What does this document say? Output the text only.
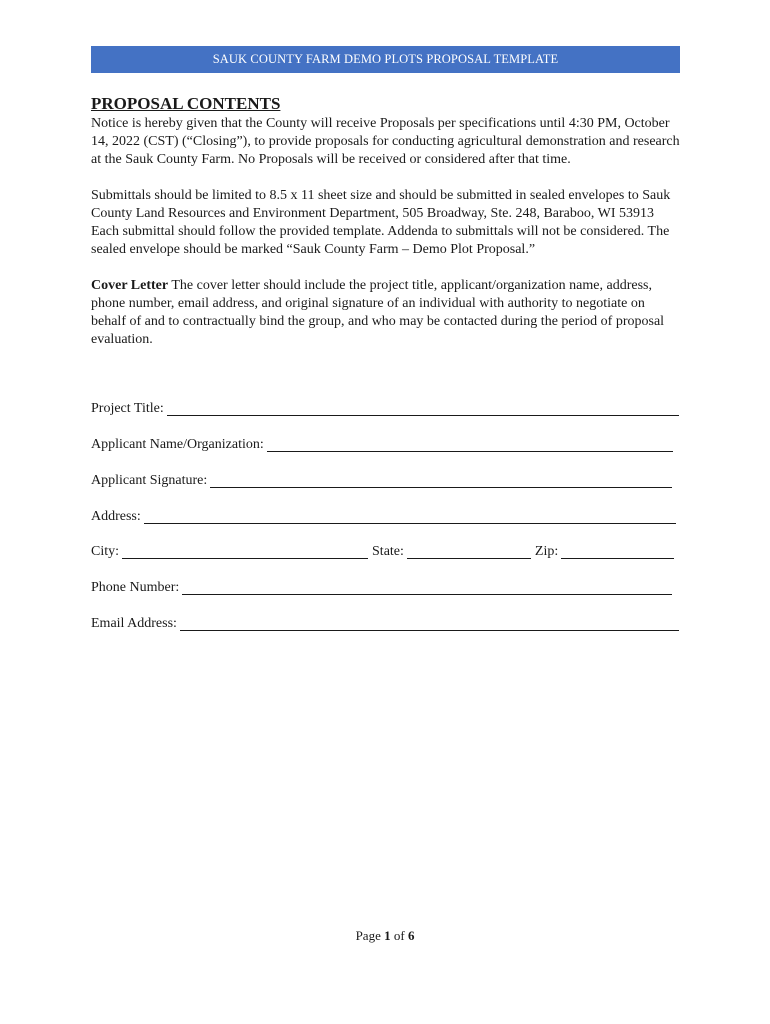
SAUK COUNTY FARM DEMO PLOTS PROPOSAL TEMPLATE
PROPOSAL CONTENTS

Notice is hereby given that the County will receive Proposals per specifications until 4:30 PM, October 14, 2022 (CST) (“Closing”), to provide proposals for conducting agricultural demonstration and research at the Sauk County Farm. No Proposals will be received or considered after that time.

Submittals should be limited to 8.5 x 11 sheet size and should be submitted in sealed envelopes to Sauk County Land Resources and Environment Department, 505 Broadway, Ste. 248, Baraboo, WI 53913 Each submittal should follow the provided template. Addenda to submittals will not be considered. The sealed envelope should be marked “Sauk County Farm – Demo Plot Proposal.”

Cover Letter The cover letter should include the project title, applicant/organization name, address, phone number, email address, and original signature of an individual with authority to negotiate on behalf of and to contractually bind the group, and who may be contacted during the period of proposal evaluation.

Project Title:
Applicant Name/Organization:
Applicant Signature:
Address:
City:	State:	Zip:
Phone Number:
Email Address:
Page 1 of 6
